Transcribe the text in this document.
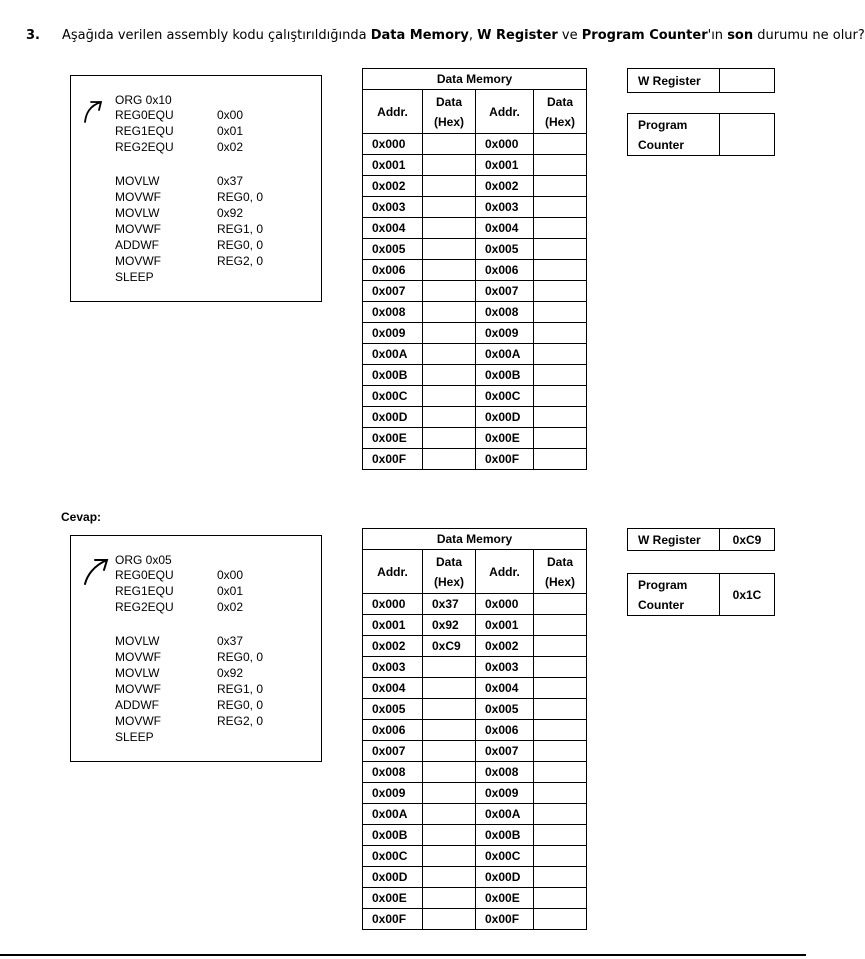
3. Aşağıda verilen assembly kodu çalıştırıldığında Data Memory, W Register ve Program Counter'ın son durumu ne olur?
ORG 0x10
REG0EQU	0x00
REG1EQU	0x01
REG2EQU	0x02
MOVLW	0x37
MOVWF	REG0, 0
MOVLW	0x92
MOVWF	REG1, 0
ADDWF	REG0, 0
MOVWF	REG2, 0
SLEEP
Data Memory			
Addr.	Data
(Hex)	Addr.	Data
(Hex)
0x000		0x000	
0x001		0x001	
0x002		0x002	
0x003		0x003	
0x004		0x004	
0x005		0x005	
0x006		0x006	
0x007		0x007	
0x008		0x008	
0x009		0x009	
0x00A		0x00A	
0x00B		0x00B	
0x00C		0x00C	
0x00D		0x00D	
0x00E		0x00E	
0x00F		0x00F	
W Register	
Program
Counter	
Cevap:
ORG 0x05
REG0EQU	0x00
REG1EQU	0x01
REG2EQU	0x02
MOVLW	0x37
MOVWF	REG0, 0
MOVLW	0x92
MOVWF	REG1, 0
ADDWF	REG0, 0
MOVWF	REG2, 0
SLEEP
Data Memory			
Addr.	Data
(Hex)	Addr.	Data
(Hex)
0x000	0x37	0x000	
0x001	0x92	0x001	
0x002	0xC9	0x002	
0x003		0x003	
0x004		0x004	
0x005		0x005	
0x006		0x006	
0x007		0x007	
0x008		0x008	
0x009		0x009	
0x00A		0x00A	
0x00B		0x00B	
0x00C		0x00C	
0x00D		0x00D	
0x00E		0x00E	
0x00F		0x00F	
W Register	0xC9
Program
Counter	0x1C
